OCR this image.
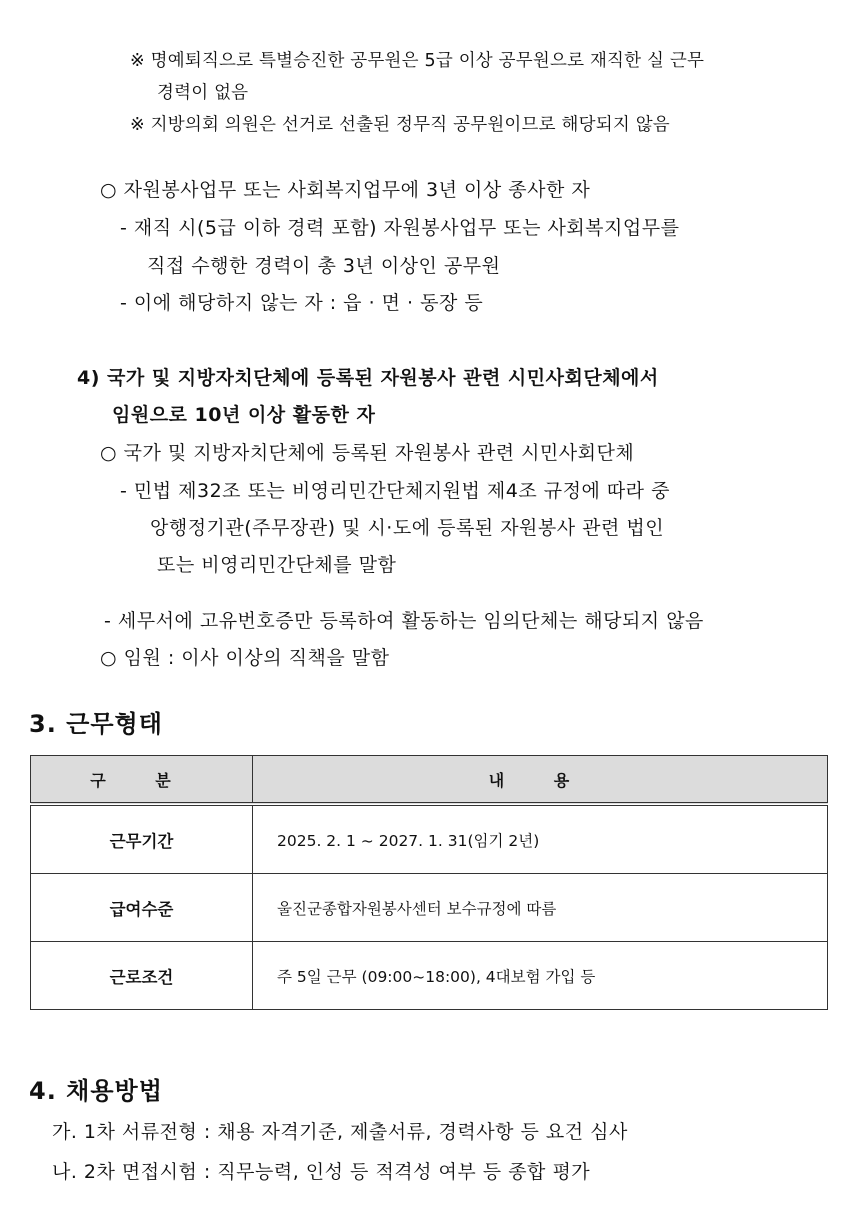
※ 명예퇴직으로 특별승진한 공무원은 5급 이상 공무원으로 재직한 실 근무
경력이 없음
※ 지방의회 의원은 선거로 선출된 정무직 공무원이므로 해당되지 않음
○ 자원봉사업무 또는 사회복지업무에 3년 이상 종사한 자
- 재직 시(5급 이하 경력 포함) 자원봉사업무 또는 사회복지업무를
직접 수행한 경력이 총 3년 이상인 공무원
- 이에 해당하지 않는 자 : 읍 · 면 · 동장 등
4) 국가 및 지방자치단체에 등록된 자원봉사 관련 시민사회단체에서
임원으로 10년 이상 활동한 자
○ 국가 및 지방자치단체에 등록된 자원봉사 관련 시민사회단체
- 민법 제32조 또는 비영리민간단체지원법 제4조 규정에 따라 중
앙행정기관(주무장관) 및 시·도에 등록된 자원봉사 관련 법인
또는 비영리민간단체를 말함
- 세무서에 고유번호증만 등록하여 활동하는 임의단체는 해당되지 않음
○ 임원 : 이사 이상의 직책을 말함
3. 근무형태
구 분	내 용
근무기간	2025. 2. 1 ~ 2027. 1. 31(임기 2년)
급여수준	울진군종합자원봉사센터 보수규정에 따름
근로조건	주 5일 근무 (09:00~18:00), 4대보험 가입 등
4. 채용방법
가. 1차 서류전형 : 채용 자격기준, 제출서류, 경력사항 등 요건 심사
나. 2차 면접시험 : 직무능력, 인성 등 적격성 여부 등 종합 평가
